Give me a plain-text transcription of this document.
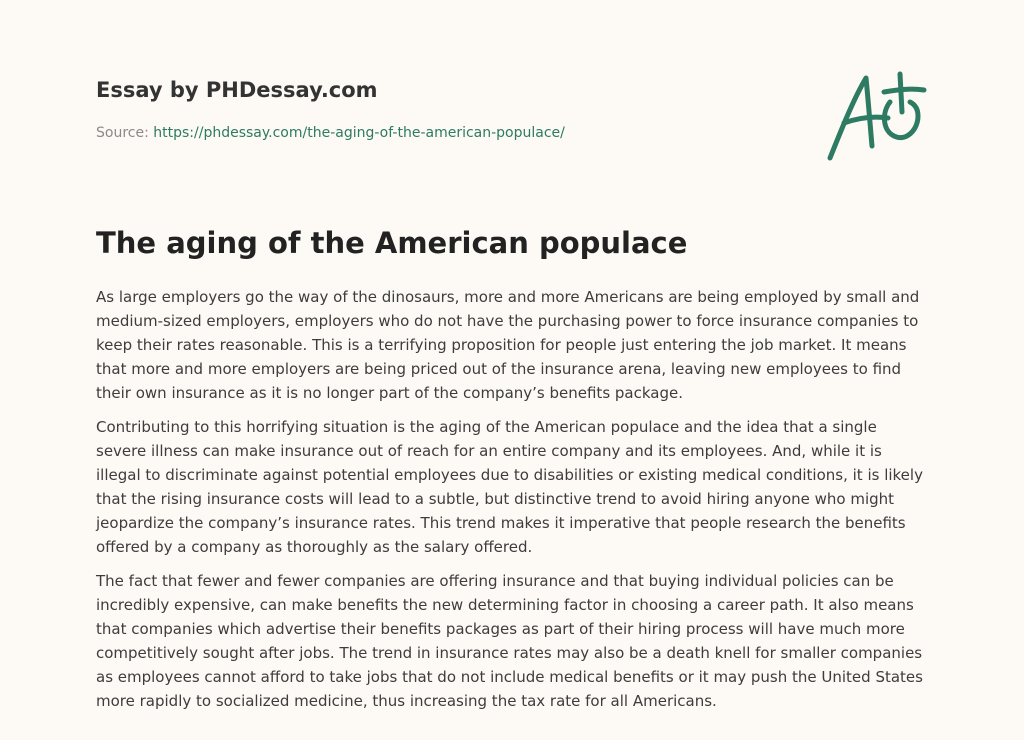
Essay by PHDessay.com
Source: https://phdessay.com/the-aging-of-the-american-populace/
The aging of the American populace

As large employers go the way of the dinosaurs, more and more Americans are being employed by small and medium-sized employers, employers who do not have the purchasing power to force insurance companies to keep their rates reasonable. This is a terrifying proposition for people just entering the job market. It means that more and more employers are being priced out of the insurance arena, leaving new employees to find their own insurance as it is no longer part of the company’s benefits package.

Contributing to this horrifying situation is the aging of the American populace and the idea that a single severe illness can make insurance out of reach for an entire company and its employees. And, while it is illegal to discriminate against potential employees due to disabilities or existing medical conditions, it is likely that the rising insurance costs will lead to a subtle, but distinctive trend to avoid hiring anyone who might jeopardize the company’s insurance rates. This trend makes it imperative that people research the benefits offered by a company as thoroughly as the salary offered.

The fact that fewer and fewer companies are offering insurance and that buying individual policies can be incredibly expensive, can make benefits the new determining factor in choosing a career path. It also means that companies which advertise their benefits packages as part of their hiring process will have much more competitively sought after jobs. The trend in insurance rates may also be a death knell for smaller companies as employees cannot afford to take jobs that do not include medical benefits or it may push the United States more rapidly to socialized medicine, thus increasing the tax rate for all Americans.
